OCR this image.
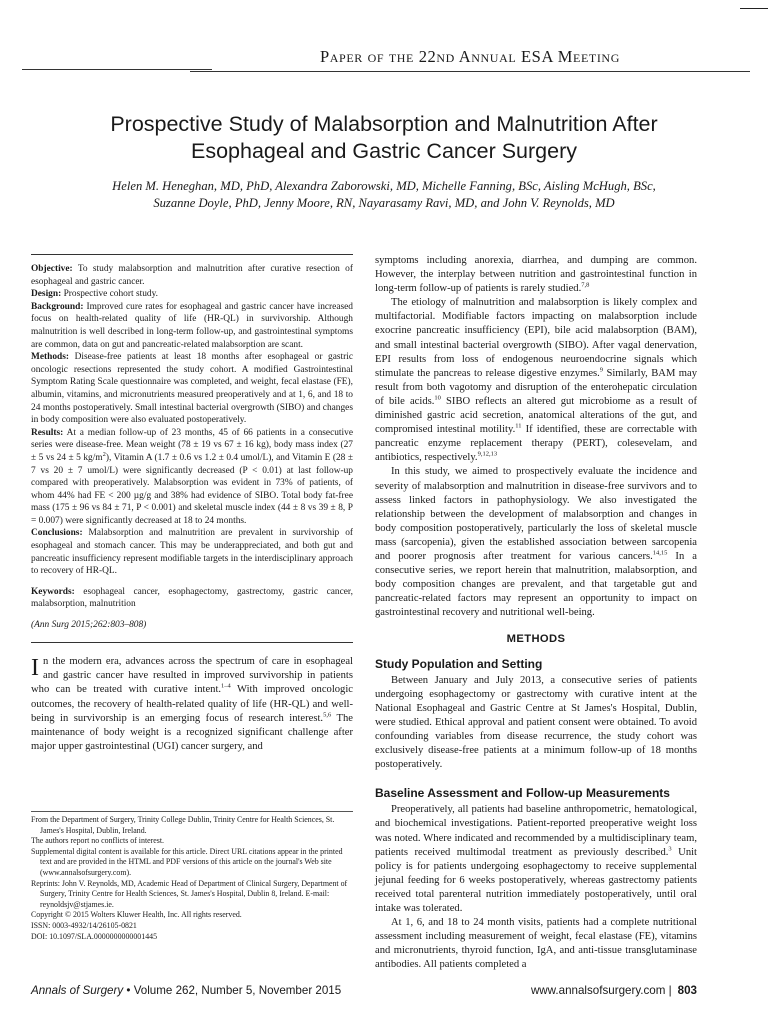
Paper of the 22nd Annual ESA Meeting
Prospective Study of Malabsorption and Malnutrition After
Esophageal and Gastric Cancer Surgery
Helen M. Heneghan, MD, PhD, Alexandra Zaborowski, MD, Michelle Fanning, BSc, Aisling McHugh, BSc,
Suzanne Doyle, PhD, Jenny Moore, RN, Nayarasamy Ravi, MD, and John V. Reynolds, MD

Objective: To study malabsorption and malnutrition after curative resection of esophageal and gastric cancer.

Design: Prospective cohort study.

Background: Improved cure rates for esophageal and gastric cancer have increased focus on health-related quality of life (HR-QL) in survivorship. Although malnutrition is well described in long-term follow-up, and gastrointestinal symptoms are common, data on gut and pancreatic-related malabsorption are scant.

Methods: Disease-free patients at least 18 months after esophageal or gastric oncologic resections represented the study cohort. A modified Gastrointestinal Symptom Rating Scale questionnaire was completed, and weight, fecal elastase (FE), albumin, vitamins, and micronutrients measured preoperatively and at 1, 6, and 18 to 24 months postoperatively. Small intestinal bacterial overgrowth (SIBO) and changes in body composition were also evaluated postoperatively.

Results: At a median follow-up of 23 months, 45 of 66 patients in a consecutive series were disease-free. Mean weight (78 ± 19 vs 67 ± 16 kg), body mass index (27 ± 5 vs 24 ± 5 $kg/m^2$), Vitamin A (1.7 ± 0.6 vs 1.2 ± 0.4 umol/L), and Vitamin E (28 ± 7 vs 20 ± 7 umol/L) were significantly decreased (P < 0.01) at last follow-up compared with preoperatively. Malabsorption was evident in 73% of patients, of whom 44% had FE < 200 µg/g and 38% had evidence of SIBO. Total body fat-free mass (175 ± 96 vs 84 ± 71, P < 0.001) and skeletal muscle index (44 ± 8 vs 39 ± 8, P = 0.007) were significantly decreased at 18 to 24 months.

Conclusions: Malabsorption and malnutrition are prevalent in survivorship of esophageal and stomach cancer. This may be underappreciated, and both gut and pancreatic insufficiency represent modifiable targets in the interdisciplinary approach to recovery of HR-QL.

Keywords: esophageal cancer, esophagectomy, gastrectomy, gastric cancer, malabsorption, malnutrition
(Ann Surg 2015;262:803–808)
In the modern era, advances across the spectrum of care in esophageal and gastric cancer have resulted in improved survivorship in patients who can be treated with curative intent.$^{1-4}$ With improved oncologic outcomes, the recovery of health-related quality of life (HR-QL) and well-being in survivorship is an emerging focus of research interest.$^{5,6}$ The maintenance of body weight is a recognized significant challenge after major upper gastrointestinal (UGI) cancer surgery, and

From the Department of Surgery, Trinity College Dublin, Trinity Centre for Health Sciences, St. James's Hospital, Dublin, Ireland.

The authors report no conflicts of interest.

Supplemental digital content is available for this article. Direct URL citations appear in the printed text and are provided in the HTML and PDF versions of this article on the journal's Web site (www.annalsofsurgery.com).

Reprints: John V. Reynolds, MD, Academic Head of Department of Clinical Surgery, Department of Surgery, Trinity Centre for Health Sciences, St. James's Hospital, Dublin 8, Ireland. E-mail: reynoldsjv@stjames.ie.

Copyright © 2015 Wolters Kluwer Health, Inc. All rights reserved.

ISSN: 0003-4932/14/26105-0821

DOI: 10.1097/SLA.0000000000001445

symptoms including anorexia, diarrhea, and dumping are common. However, the interplay between nutrition and gastrointestinal function in long-term follow-up of patients is rarely studied.$^{7,8}$

The etiology of malnutrition and malabsorption is likely complex and multifactorial. Modifiable factors impacting on malabsorption include exocrine pancreatic insufficiency (EPI), bile acid malabsorption (BAM), and small intestinal bacterial overgrowth (SIBO). After vagal denervation, EPI results from loss of endogenous neuroendocrine signals which stimulate the pancreas to release digestive enzymes.$^9$ Similarly, BAM may result from both vagotomy and disruption of the enterohepatic circulation of bile acids.$^{10}$ SIBO reflects an altered gut microbiome as a result of diminished gastric acid secretion, anatomical alterations of the gut, and compromised intestinal motility.$^{11}$ If identified, these are correctable with pancreatic enzyme replacement therapy (PERT), colesevelam, and antibiotics, respectively.$^{9,12,13}$

In this study, we aimed to prospectively evaluate the incidence and severity of malabsorption and malnutrition in disease-free survivors and to assess linked factors in pathophysiology. We also investigated the relationship between the development of malabsorption and changes in body composition postoperatively, particularly the loss of skeletal muscle mass (sarcopenia), given the established association between sarcopenia and poorer prognosis after treatment for various cancers.$^{14,15}$ In a consecutive series, we report herein that malnutrition, malabsorption, and body composition changes are prevalent, and that targetable gut and pancreatic-related factors may represent an opportunity to impact on gastrointestinal recovery and nutritional well-being.

METHODS
Study Population and Setting

Between January and July 2013, a consecutive series of patients undergoing esophagectomy or gastrectomy with curative intent at the National Esophageal and Gastric Centre at St James's Hospital, Dublin, were studied. Ethical approval and patient consent were obtained. To avoid confounding variables from disease recurrence, the study cohort was exclusively disease-free patients at a minimum follow-up of 18 months postoperatively.

Baseline Assessment and Follow-up Measurements

Preoperatively, all patients had baseline anthropometric, hematological, and biochemical investigations. Patient-reported preoperative weight loss was noted. Where indicated and recommended by a multidisciplinary team, patients received multimodal treatment as previously described.$^3$ Unit policy is for patients undergoing esophagectomy to receive supplemental jejunal feeding for 6 weeks postoperatively, whereas gastrectomy patients received total parenteral nutrition immediately postoperatively, until oral intake was tolerated.

At 1, 6, and 18 to 24 month visits, patients had a complete nutritional assessment including measurement of weight, fecal elastase (FE), vitamins and micronutrients, thyroid function, IgA, and anti-tissue transglutaminase antibodies. All patients completed a

Annals of Surgery • Volume 262, Number 5, November 2015	www.annalsofsurgery.com | 803
